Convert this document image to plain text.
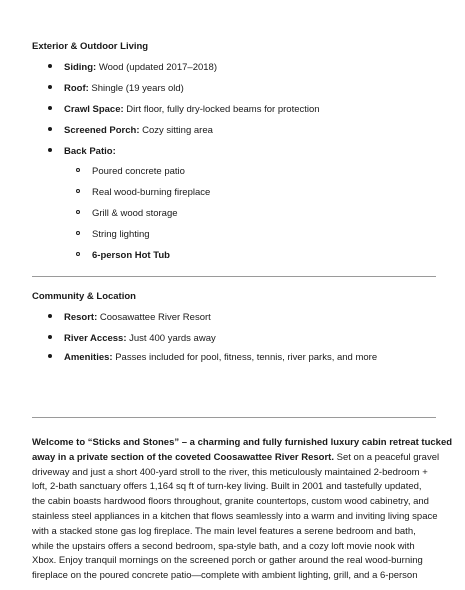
Exterior & Outdoor Living
Siding: Wood (updated 2017–2018)
Roof: Shingle (19 years old)
Crawl Space: Dirt floor, fully dry-locked beams for protection
Screened Porch: Cozy sitting area
Back Patio:
Poured concrete patio
Real wood-burning fireplace
Grill & wood storage
String lighting
6-person Hot Tub
Community & Location
Resort: Coosawattee River Resort
River Access: Just 400 yards away
Amenities: Passes included for pool, fitness, tennis, river parks, and more
Welcome to “Sticks and Stones” – a charming and fully furnished luxury cabin retreat tucked
away in a private section of the coveted Coosawattee River Resort. Set on a peaceful gravel
driveway and just a short 400-yard stroll to the river, this meticulously maintained 2-bedroom +
loft, 2-bath sanctuary offers 1,164 sq ft of turn-key living. Built in 2001 and tastefully updated,
the cabin boasts hardwood floors throughout, granite countertops, custom wood cabinetry, and
stainless steel appliances in a kitchen that flows seamlessly into a warm and inviting living space
with a stacked stone gas log fireplace. The main level features a serene bedroom and bath,
while the upstairs offers a second bedroom, spa-style bath, and a cozy loft movie nook with
Xbox. Enjoy tranquil mornings on the screened porch or gather around the real wood-burning
fireplace on the poured concrete patio—complete with ambient lighting, grill, and a 6-person
